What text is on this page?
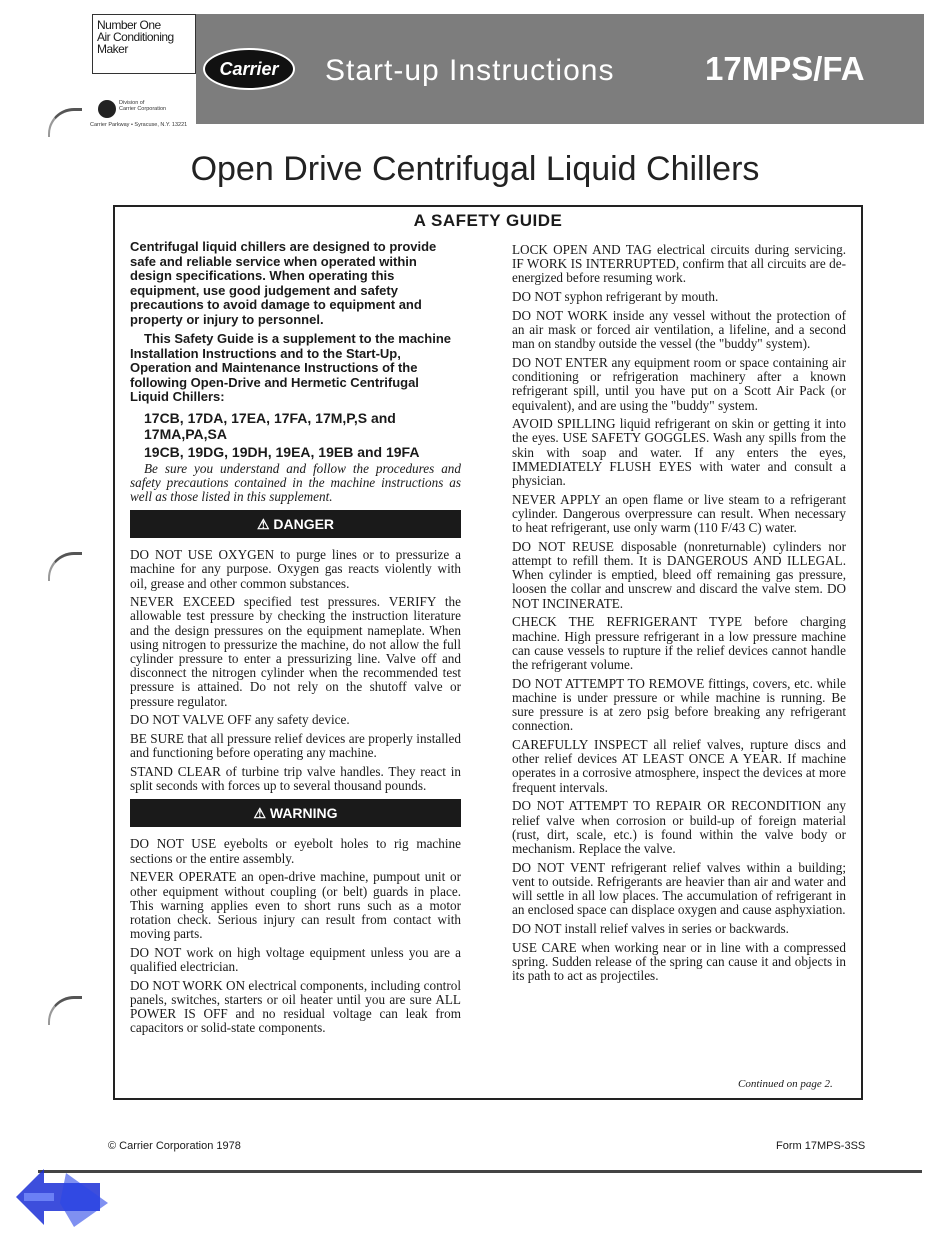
Number One
Air Conditioning
Maker
Carrier	Start-up Instructions	17MPS/FA
Division of
Carrier Corporation
Carrier Parkway • Syracuse, N.Y. 13221
Open Drive Centrifugal Liquid Chillers
A SAFETY GUIDE

Centrifugal liquid chillers are designed to provide safe and reliable service when operated within design specifications. When operating this equipment, use good judgement and safety precautions to avoid damage to equipment and property or injury to personnel.

This Safety Guide is a supplement to the machine Installation Instructions and to the Start-Up, Operation and Maintenance Instructions of the following Open-Drive and Hermetic Centrifugal Liquid Chillers:

17CB, 17DA, 17EA, 17FA, 17M,P,S and 17MA,PA,SA
19CB, 19DG, 19DH, 19EA, 19EB and 19FA

Be sure you understand and follow the procedures and safety precautions contained in the machine instructions as well as those listed in this supplement.

⚠ DANGER

DO NOT USE OXYGEN to purge lines or to pressurize a machine for any purpose. Oxygen gas reacts violently with oil, grease and other common substances.

NEVER EXCEED specified test pressures. VERIFY the allowable test pressure by checking the instruction literature and the design pressures on the equipment nameplate. When using nitrogen to pressurize the machine, do not allow the full cylinder pressure to enter a pressurizing line. Valve off and disconnect the nitrogen cylinder when the recommended test pressure is attained. Do not rely on the shutoff valve or pressure regulator.

DO NOT VALVE OFF any safety device.

BE SURE that all pressure relief devices are properly installed and functioning before operating any machine.

STAND CLEAR of turbine trip valve handles. They react in split seconds with forces up to several thousand pounds.

⚠ WARNING

DO NOT USE eyebolts or eyebolt holes to rig machine sections or the entire assembly.

NEVER OPERATE an open-drive machine, pumpout unit or other equipment without coupling (or belt) guards in place. This warning applies even to short runs such as a motor rotation check. Serious injury can result from contact with moving parts.

DO NOT work on high voltage equipment unless you are a qualified electrician.

DO NOT WORK ON electrical components, including control panels, switches, starters or oil heater until you are sure ALL POWER IS OFF and no residual voltage can leak from capacitors or solid-state components.

LOCK OPEN AND TAG electrical circuits during servicing. IF WORK IS INTERRUPTED, confirm that all circuits are de-energized before resuming work.

DO NOT syphon refrigerant by mouth.

DO NOT WORK inside any vessel without the protection of an air mask or forced air ventilation, a lifeline, and a second man on standby outside the vessel (the "buddy" system).

DO NOT ENTER any equipment room or space containing air conditioning or refrigeration machinery after a known refrigerant spill, until you have put on a Scott Air Pack (or equivalent), and are using the "buddy" system.

AVOID SPILLING liquid refrigerant on skin or getting it into the eyes. USE SAFETY GOGGLES. Wash any spills from the skin with soap and water. If any enters the eyes, IMMEDIATELY FLUSH EYES with water and consult a physician.

NEVER APPLY an open flame or live steam to a refrigerant cylinder. Dangerous overpressure can result. When necessary to heat refrigerant, use only warm (110 F/43 C) water.

DO NOT REUSE disposable (nonreturnable) cylinders nor attempt to refill them. It is DANGEROUS AND ILLEGAL. When cylinder is emptied, bleed off remaining gas pressure, loosen the collar and unscrew and discard the valve stem. DO NOT INCINERATE.

CHECK THE REFRIGERANT TYPE before charging machine. High pressure refrigerant in a low pressure machine can cause vessels to rupture if the relief devices cannot handle the refrigerant volume.

DO NOT ATTEMPT TO REMOVE fittings, covers, etc. while machine is under pressure or while machine is running. Be sure pressure is at zero psig before breaking any refrigerant connection.

CAREFULLY INSPECT all relief valves, rupture discs and other relief devices AT LEAST ONCE A YEAR. If machine operates in a corrosive atmosphere, inspect the devices at more frequent intervals.

DO NOT ATTEMPT TO REPAIR OR RECONDITION any relief valve when corrosion or build-up of foreign material (rust, dirt, scale, etc.) is found within the valve body or mechanism. Replace the valve.

DO NOT VENT refrigerant relief valves within a building; vent to outside. Refrigerants are heavier than air and water and will settle in all low places. The accumulation of refrigerant in an enclosed space can displace oxygen and cause asphyxiation.

DO NOT install relief valves in series or backwards.

USE CARE when working near or in line with a compressed spring. Sudden release of the spring can cause it and objects in its path to act as projectiles.

Continued on page 2.
© Carrier Corporation 1978	Form 17MPS-3SS
